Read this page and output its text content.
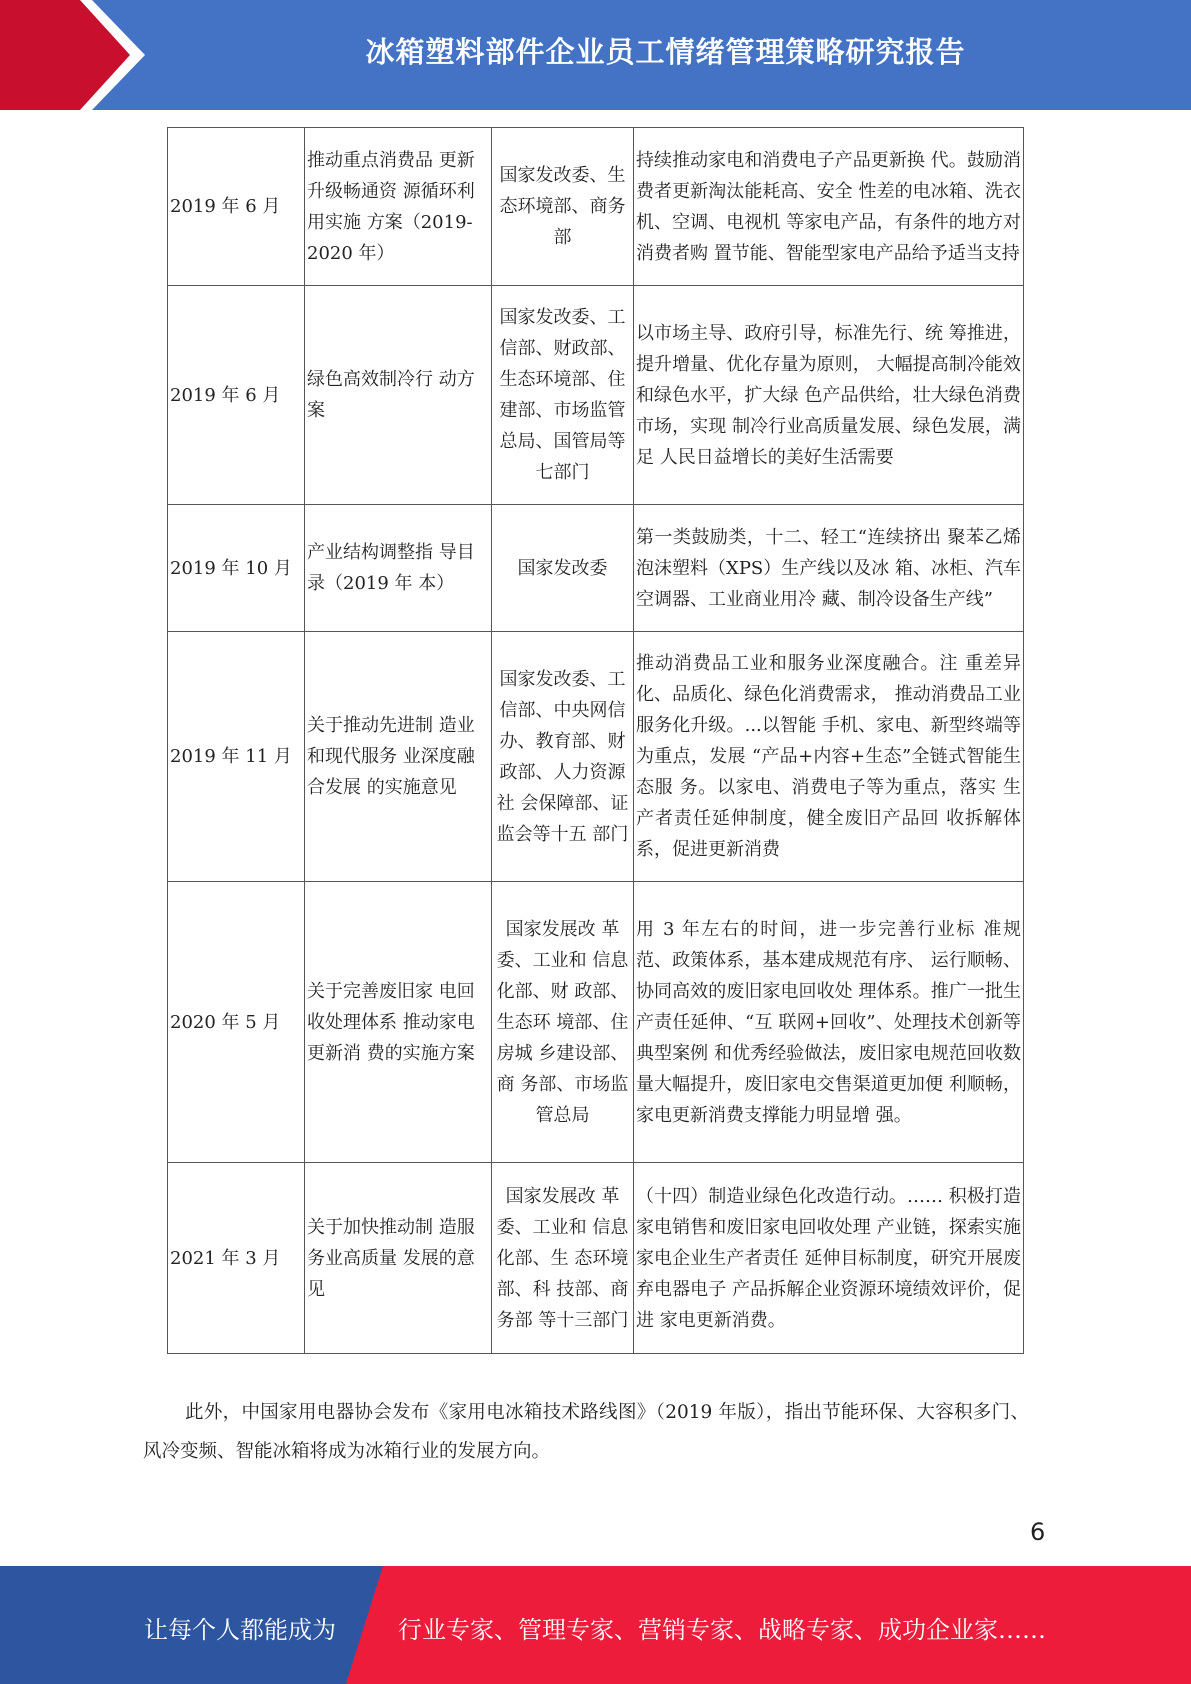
冰箱塑料部件企业员工情绪管理策略研究报告
2019 年 6 月	推动重点消费品 更新升级畅通资 源循环利用实施 方案（2019-2020 年）	国家发改委、生态环境部、商务部	持续推动家电和消费电子产品更新换 代。鼓励消费者更新淘汰能耗高、安全 性差的电冰箱、洗衣机、空调、电视机 等家电产品，有条件的地方对消费者购 置节能、智能型家电产品给予适当支持
2019 年 6 月	绿色高效制冷行 动方案	国家发改委、工信部、财政部、生态环境部、住建部、市场监管总局、国管局等七部门	以市场主导、政府引导，标准先行、统 筹推进，提升增量、优化存量为原则， 大幅提高制冷能效和绿色水平，扩大绿 色产品供给，壮大绿色消费市场，实现 制冷行业高质量发展、绿色发展，满足 人民日益增长的美好生活需要
2019 年 10 月	产业结构调整指 导目录（2019 年 本）	国家发改委	第一类鼓励类，十二、轻工“连续挤出 聚苯乙烯泡沫塑料（XPS）生产线以及冰 箱、冰柜、汽车空调器、工业商业用冷 藏、制冷设备生产线”
2019 年 11 月	关于推动先进制 造业和现代服务 业深度融合发展 的实施意见	国家发改委、工信部、中央网信办、教育部、财政部、人力资源社 会保障部、证 监会等十五 部门	推动消费品工业和服务业深度融合。注 重差异化、品质化、绿色化消费需求， 推动消费品工业服务化升级。...以智能 手机、家电、新型终端等为重点，发展 “产品+内容+生态”全链式智能生态服 务。以家电、消费电子等为重点，落实 生产者责任延伸制度，健全废旧产品回 收拆解体系，促进更新消费
2020 年 5 月	关于完善废旧家 电回收处理体系 推动家电更新消 费的实施方案	国家发展改 革委、工业和 信息化部、财 政部、生态环 境部、住房城 乡建设部、商 务部、市场监 管总局	用 3 年左右的时间，进一步完善行业标 准规范、政策体系，基本建成规范有序、 运行顺畅、协同高效的废旧家电回收处 理体系。推广一批生产责任延伸、“互 联网+回收”、处理技术创新等典型案例 和优秀经验做法，废旧家电规范回收数 量大幅提升，废旧家电交售渠道更加便 利顺畅，家电更新消费支撑能力明显增 强。
2021 年 3 月	关于加快推动制 造服务业高质量 发展的意见	国家发展改 革委、工业和 信息化部、生 态环境部、科 技部、商务部 等十三部门	（十四）制造业绿色化改造行动。…… 积极打造家电销售和废旧家电回收处理 产业链，探索实施家电企业生产者责任 延伸目标制度，研究开展废弃电器电子 产品拆解企业资源环境绩效评价，促进 家电更新消费。
此外，中国家用电器协会发布《家用电冰箱技术路线图》（2019 年版），指出节能环保、大容积多门、风冷变频、智能冰箱将成为冰箱行业的发展方向。
6
让每个人都能成为	行业专家、管理专家、营销专家、战略专家、成功企业家……
